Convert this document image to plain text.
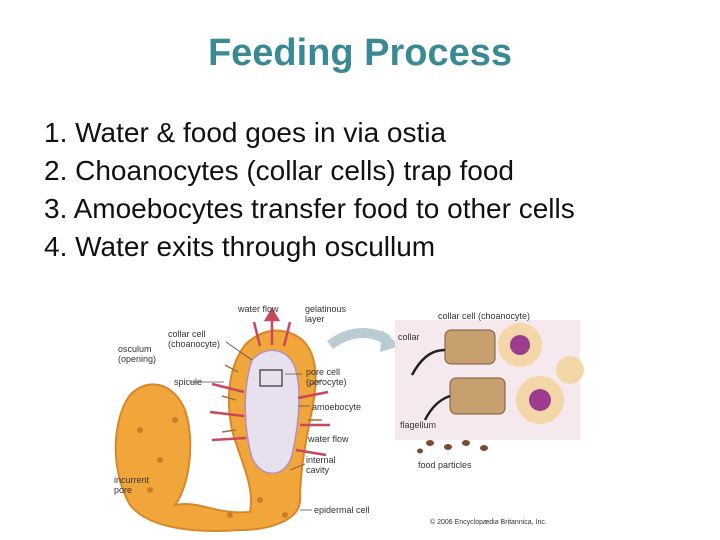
Feeding Process
1. Water & food goes in via ostia
2. Choanocytes (collar cells) trap food
3. Amoebocytes transfer food to other cells
4. Water exits through oscullum
water flow	gelatinous layer
collar cell (choanocyte)
osculum (opening)
spicule
pore cell (porocyte)
amoebocyte
water flow
internal cavity
incurrent pore
epidermal cell
collar cell (choanocyte)
collar
flagellum
food particles
© 2006 Encyclopædia Britannica, Inc.
